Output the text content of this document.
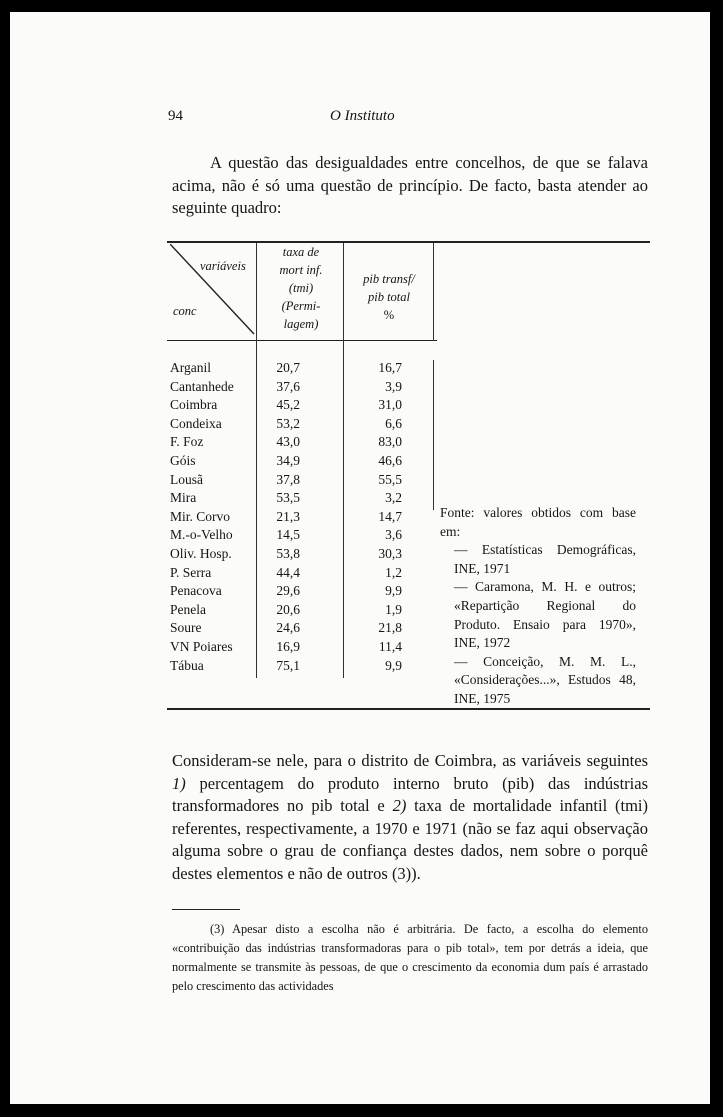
94	O Instituto
A questão das desigualdades entre concelhos, de que se falava acima, não é só uma questão de princípio. De facto, basta atender ao seguinte quadro:
variáveis
conc
taxa de
mort inf.
(tmi)
(Permi-
lagem)
pib transf/
pib total
%
Arganil
Cantanhede
Coimbra
Condeixa
F. Foz
Góis
Lousã
Mira
Mir. Corvo
M.-o-Velho
Oliv. Hosp.
P. Serra
Penacova
Penela
Soure
VN Poiares
Tábua
20,7
37,6
45,2
53,2
43,0
34,9
37,8
53,5
21,3
14,5
53,8
44,4
29,6
20,6
24,6
16,9
75,1
16,7
3,9
31,0
6,6
83,0
46,6
55,5
3,2
14,7
3,6
30,3
1,2
9,9
1,9
21,8
11,4
9,9
Fonte: valores obtidos com base em:
— Estatísticas Demográficas, INE, 1971
— Caramona, M. H. e outros; «Repartição Regional do Produto. Ensaio para 1970», INE, 1972
— Conceição, M. M. L., «Considerações...», Estudos 48, INE, 1975
Consideram-se nele, para o distrito de Coimbra, as variáveis seguintes 1) percentagem do produto interno bruto (pib) das indústrias transformadores no pib total e 2) taxa de mortalidade infantil (tmi) referentes, respectivamente, a 1970 e 1971 (não se faz aqui observação alguma sobre o grau de confiança destes dados, nem sobre o porquê destes elementos e não de outros (3)).
(3) Apesar disto a escolha não é arbitrária. De facto, a escolha do elemento «contribuição das indústrias transformadoras para o pib total», tem por detrás a ideia, que normalmente se transmite às pessoas, de que o crescimento da economia dum país é arrastado pelo crescimento das actividades
